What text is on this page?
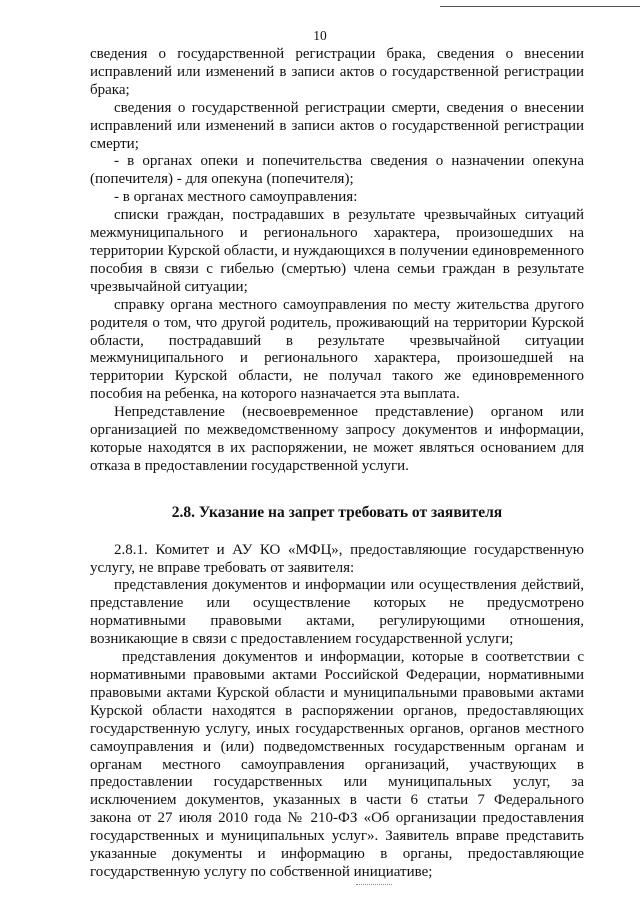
10

сведения о государственной регистрации брака, сведения о внесении исправлений или изменений в записи актов о государственной регистрации брака;

сведения о государственной регистрации смерти, сведения о внесении исправлений или изменений в записи актов о государственной регистрации смерти;

- в органах опеки и попечительства сведения о назначении опекуна (попечителя) - для опекуна (попечителя);

- в органах местного самоуправления:

списки граждан, пострадавших в результате чрезвычайных ситуаций межмуниципального и регионального характера, произошедших на территории Курской области, и нуждающихся в получении единовременного пособия в связи с гибелью (смертью) члена семьи граждан в результате чрезвычайной ситуации;

справку органа местного самоуправления по месту жительства другого родителя о том, что другой родитель, проживающий на территории Курской области, пострадавший в результате чрезвычайной ситуации межмуниципального и регионального характера, произошедшей на территории Курской области, не получал такого же единовременного пособия на ребенка, на которого назначается эта выплата.

Непредставление (несвоевременное представление) органом или организацией по межведомственному запросу документов и информации, которые находятся в их распоряжении, не может являться основанием для отказа в предоставлении государственной услуги.

2.8. Указание на запрет требовать от заявителя

2.8.1. Комитет и АУ КО «МФЦ», предоставляющие государственную услугу, не вправе требовать от заявителя:

представления документов и информации или осуществления действий, представление или осуществление которых не предусмотрено нормативными правовыми актами, регулирующими отношения, возникающие в связи с предоставлением государственной услуги;

представления документов и информации, которые в соответствии с нормативными правовыми актами Российской Федерации, нормативными правовыми актами Курской области и муниципальными правовыми актами Курской области находятся в распоряжении органов, предоставляющих государственную услугу, иных государственных органов, органов местного самоуправления и (или) подведомственных государственным органам и органам местного самоуправления организаций, участвующих в предоставлении государственных или муниципальных услуг, за исключением документов, указанных в части 6 статьи 7 Федерального закона от 27 июля 2010 года № 210-ФЗ «Об организации предоставления государственных и муниципальных услуг». Заявитель вправе представить указанные документы и информацию в органы, предоставляющие государственную услугу по собственной инициативе;
